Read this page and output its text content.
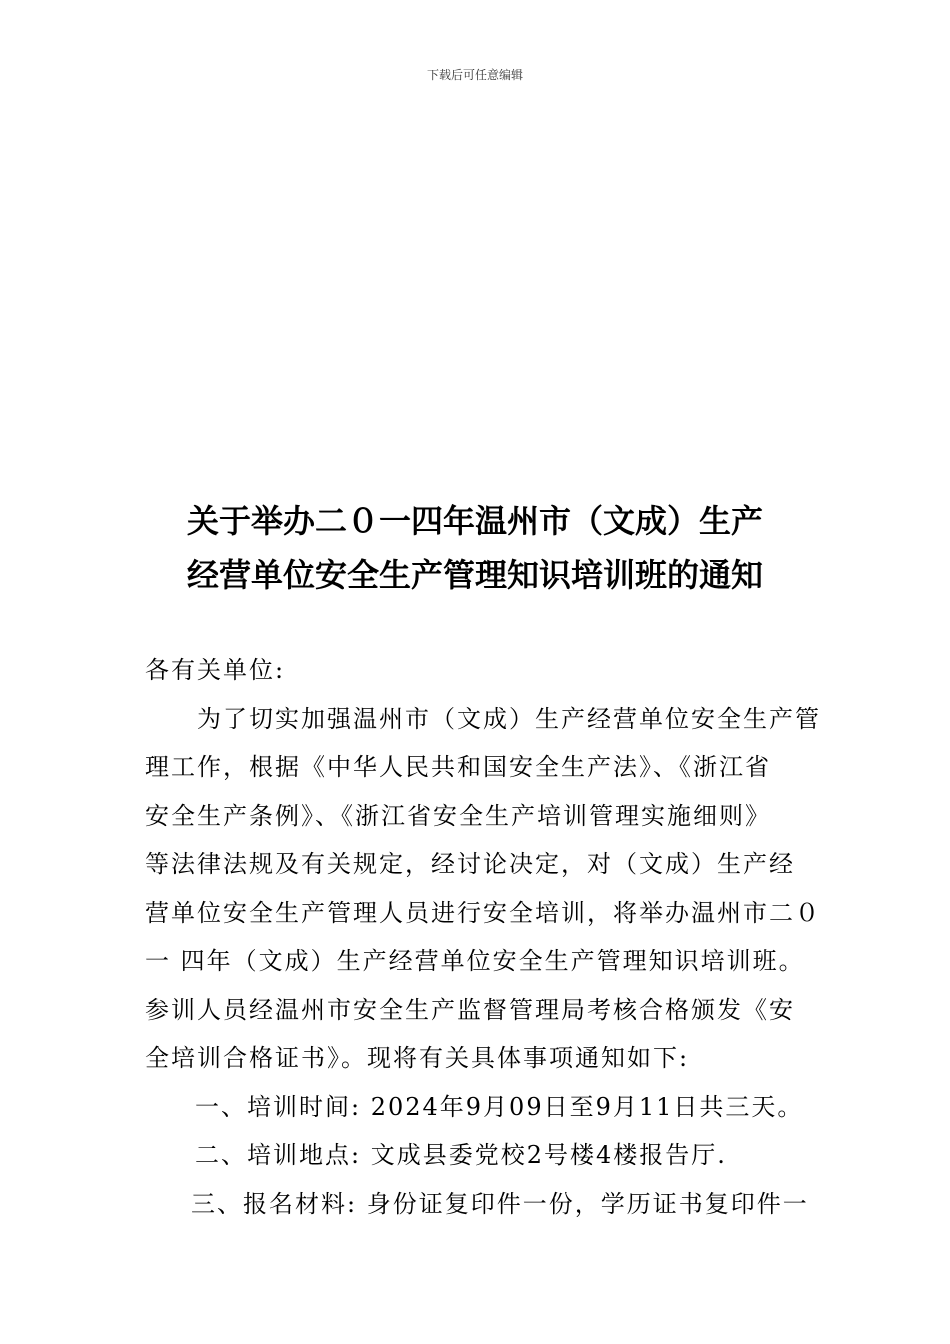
下载后可任意编辑
关于举办二０一四年温州市（文成）生产
经营单位安全生产管理知识培训班的通知
各有关单位:
为了切实加强温州市（文成）生产经营单位安全生产管
理工作，根据《中华人民共和国安全生产法》、《浙江省
安全生产条例》、《浙江省安全生产培训管理实施细则》
等法律法规及有关规定，经讨论决定，对（文成）生产经
营单位安全生产管理人员进行安全培训，将举办温州市二０
一 四年（文成）生产经营单位安全生产管理知识培训班。
参训人员经温州市安全生产监督管理局考核合格颁发《安
全培训合格证书》。现将有关具体事项通知如下:
一、培训时间: 2024年9月09日至9月11日共三天。
二、培训地点: 文成县委党校2号楼4楼报告厅.
三、报名材料: 身份证复印件一份，学历证书复印件一
